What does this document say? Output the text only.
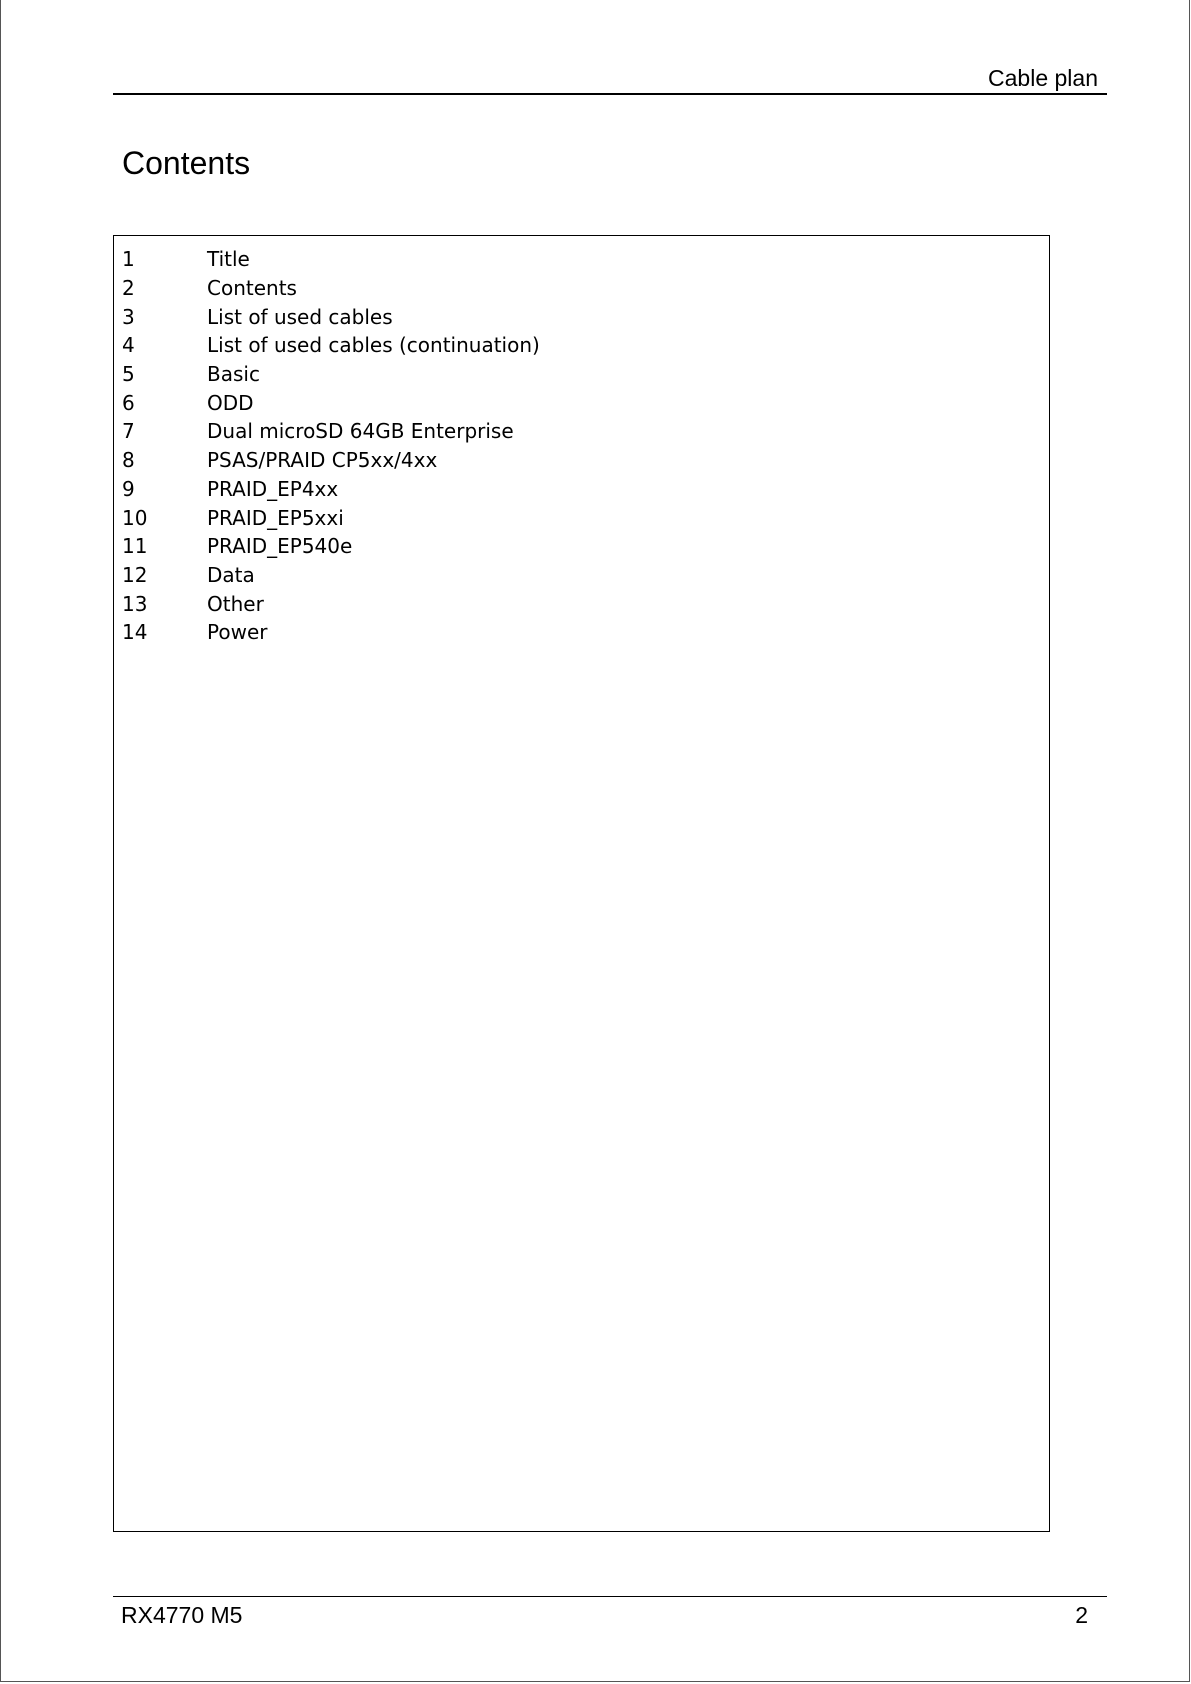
Cable plan
Contents
1	Title
2	Contents
3	List of used cables
4	List of used cables (continuation)
5	Basic
6	ODD
7	Dual microSD 64GB Enterprise
8	PSAS/PRAID CP5xx/4xx
9	PRAID_EP4xx
10	PRAID_EP5xxi
11	PRAID_EP540e
12	Data
13	Other
14	Power
RX4770 M5	2
